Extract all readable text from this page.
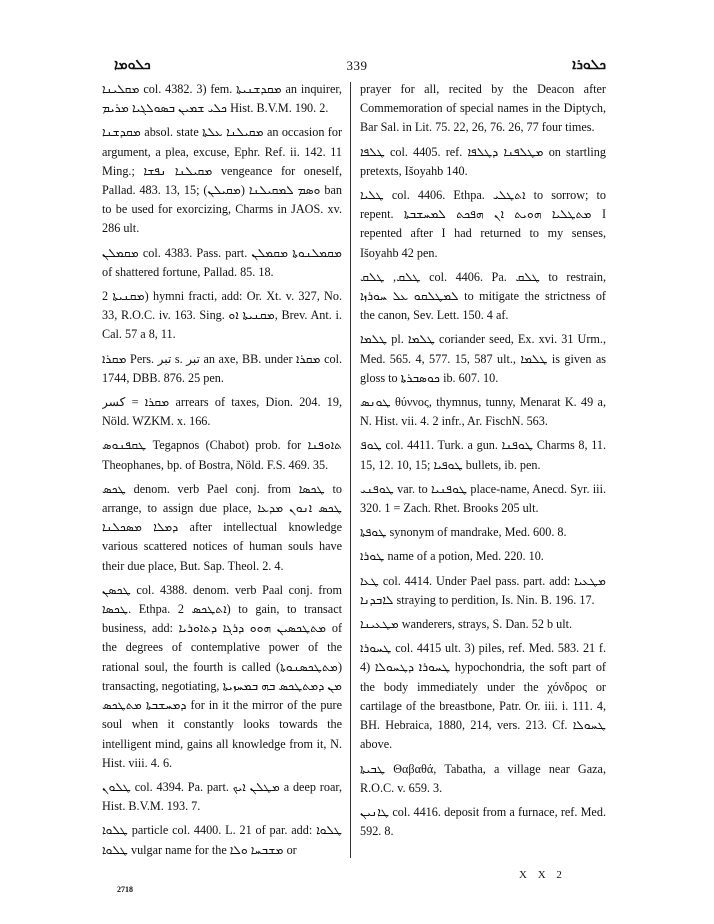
ܟܠܘܡܐ	339	ܟܠܘܪܐ
ܡܩܠܝܢܐ col. 4382. 3) fem. ܡܩܕܫܢܝܬܐ an inquirer, ܟܠܝ ܫܡܝܢ ܒܣܘܠܓܝܐ ܡܪܝܡ Hist. B.V.M. 190. 2.
ܡܩܕܫܢܐ absol. state ܡܩܝܠܢܐ ܥܠܬܐ an occasion for argument, a plea, excuse, Ephr. Ref. ii. 142. 11 Ming.; ܡܩܝܠܢܐ ܢܦܫܐ vengeance for oneself, Pallad. 483. 13, 15; (ܡܩܝܠܢ) ܘܣܡ ܠܡܩܝܠܢܐ ban to be used for exorcizing, Charms in JAOS. xv. 286 ult.
ܡܩܡܠܢ col. 4383. Pass. part. ܡܩܡܠܢܘܬܐ ܡܩܡܠܢ of shattered fortune, Pallad. 85. 18.
ܡܩܢܝܬܐ 2) hymni fracti, add: Or. Xt. v. 327, No. 33, R.O.C. iv. 163. Sing. ܡܩܢܝܬܐ ܐܘ, Brev. Ant. i. Cal. 57 a 8, 11.
ܡܩܪܐ Pers. تبر s. تبر an axe, BB. under ܡܩܪܐ col. 1744, DBB. 876. 25 pen.
ܡܩܪܐ = كسر arrears of taxes, Dion. 204. 19, Nöld. WZKM. x. 166.
ܛܩܦܢܘܣ Tegapnos (Chabot) prob. for ܬܐܘܦܢܐ Theophanes, bp. of Bostra, Nöld. F.S. 469. 35.
ܛܟܣ denom. verb Pael conj. from ܛܟܣܐ to arrange, to assign due place, ܛܟܣ ܐܢܘܢ ܡܕܥܐ ܕܡܠܐ ܡܣܟܠܢܐ after intellectual knowledge various scattered notices of human souls have their due place, But. Sap. Theol. 2. 4.
ܛܟܣܢ col. 4388. denom. verb Paal conj. from ܛܟܣܐ. Ethpa. ܐܬܛܟܣ 2) to gain, to transact business, add: ܡܬܛܟܣܝܢ ܗܘܘ ܕܪܓܐ ܕܬܐܘܪܝܐ of the degrees of contemplative power of the rational soul, the fourth is called (ܡܬܛܟܣܢܘܬܐ) transacting, negotiating, ܡܢ ܕܡܬܛܟܣ ܒܗ ܒܡܚܙܝܬܐ ܕܡܚܫܒܬܐ ܡܬܛܟܣ for in it the mirror of the pure soul when it constantly looks towards the intelligent mind, gains all knowledge from it, N. Hist. viii. 4. 6.
ܛܠܘܢ col. 4394. Pa. part. ܡܛܠܢ ܐܝܟ a deep roar, Hist. B.V.M. 193. 7.
ܛܠܘܐ particle col. 4400. L. 21 of par. add: ܛܠܘܐ ܛܠܘܐ vulgar name for the ܡܫܒܚܐ ܘܠܐ or
prayer for all, recited by the Deacon after Commemoration of special names in the Diptych, Bar Sal. in Lit. 75. 22, 26, 76. 26, 77 four times.
ܛܠܦܐ col. 4405. ref. ܡܛܠܦܢܐ ܕܛܠܦܐ on startling pretexts, Išoyahb 140.
ܛܠܝܐ col. 4406. Ethpa. ܐܬܛܠܝ to sorrow; to repent. ܡܬܛܠܝܐ ܗܘܝܬ ܐܢ ܗܦܟܬ ܠܡܚܫܒܬܐ I repented after I had returned to my senses, Išoyahb 42 pen.
ܛܠܩ, ܛܠܩ col. 4406. Pa. ܛܠܩ to restrain, ܠܡܛܠܩܘ ܥܠ ܚܘܪܙܐ to mitigate the strictness of the canon, Sev. Lett. 150. 4 af.
ܛܠܡܐ pl. ܛܠܡܐ coriander seed, Ex. xvi. 31 Urm., Med. 565. 4, 577. 15, 587 ult., ܛܠܡܐ is given as gloss to ܟܘܣܒܪܬܐ ib. 607. 10.
ܛܘܢܣ θύννος, thymnus, tunny, Menarat K. 49 a, N. Hist. vii. 4. 2 infr., Ar. FischN. 563.
ܛܘܦ col. 4411. Turk. a gun. ܛܘܦܢܐ Charms 8, 11. 15, 12. 10, 15; ܛܘܦܝܐ bullets, ib. pen.
ܛܘܦܢܝ var. to ܛܘܦܢܝܐ place-name, Anecd. Syr. iii. 320. 1 = Zach. Rhet. Brooks 205 ult.
ܛܘܦܬܐ synonym of mandrake, Med. 600. 8.
ܛܘܪܐ name of a potion, Med. 220. 10.
ܛܥܐ col. 4414. Under Pael pass. part. add: ܡܛܥܝܐ ܠܐܒܕܢܐ straying to perdition, Is. Nin. B. 196. 17.
ܡܛܥܝܢܐ wanderers, strays, S. Dan. 52 b ult.
ܛܚܘܪܐ col. 4415 ult. 3) piles, ref. Med. 583. 21 f. 4) ܛܚܘܪܐ ܕܛܚܘܠܐ hypochondria, the soft part of the body immediately under the χόνδρος or cartilage of the breastbone, Patr. Or. iii. i. 111. 4, BH. Hebraica, 1880, 214, vers. 213. Cf. ܛܚܘܠܐ above.
ܛܒܝܬܐ Θαβαθά, Tabatha, a village near Gaza, R.O.C. v. 659. 3.
ܛܐܢܝܢ col. 4416. deposit from a furnace, ref. Med. 592. 8.
2718
X X 2
